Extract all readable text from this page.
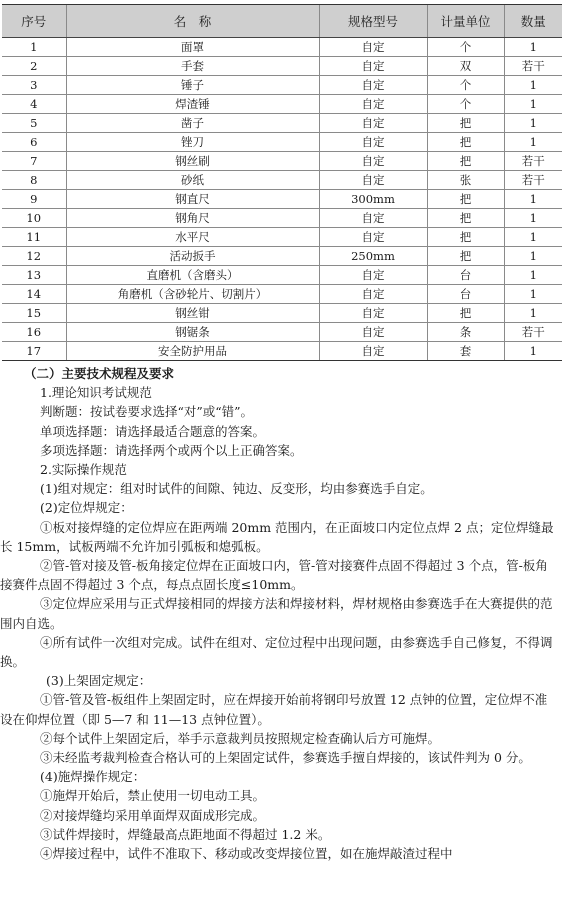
序号	名　称	规格型号	计量单位	数量
1	面罩	自定	个	1
2	手套	自定	双	若干
3	锤子	自定	个	1
4	焊渣锤	自定	个	1
5	凿子	自定	把	1
6	锉刀	自定	把	1
7	钢丝刷	自定	把	若干
8	砂纸	自定	张	若干
9	钢直尺	300mm	把	1
10	钢角尺	自定	把	1
11	水平尺	自定	把	1
12	活动扳手	250mm	把	1
13	直磨机（含磨头）	自定	台	1
14	角磨机（含砂轮片、切割片）	自定	台	1
15	钢丝钳	自定	把	1
16	钢锯条	自定	条	若干
17	安全防护用品	自定	套	1

（二）主要技术规程及要求

1.理论知识考试规范

判断题：按试卷要求选择“对”或“错”。

单项选择题：请选择最适合题意的答案。

多项选择题：请选择两个或两个以上正确答案。

2.实际操作规范

(1)组对规定：组对时试件的间隙、钝边、反变形，均由参赛选手自定。

(2)定位焊规定：

①板对接焊缝的定位焊应在距两端 20mm 范围内，在正面坡口内定位点焊 2 点；定位焊缝最长 15mm，试板两端不允许加引弧板和熄弧板。

②管-管对接及管-板角接定位焊在正面坡口内，管-管对接赛件点固不得超过 3 个点，管-板角接赛件点固不得超过 3 个点，每点点固长度≤10mm。

③定位焊应采用与正式焊接相同的焊接方法和焊接材料，焊材规格由参赛选手在大赛提供的范围内自选。

④所有试件一次组对完成。试件在组对、定位过程中出现问题，由参赛选手自己修复，不得调换。

(3)上架固定规定：

①管-管及管-板组件上架固定时，应在焊接开始前将钢印号放置 12 点钟的位置，定位焊不准设在仰焊位置（即 5—7 和 11—13 点钟位置）。

②每个试件上架固定后，举手示意裁判员按照规定检查确认后方可施焊。

③未经监考裁判检查合格认可的上架固定试件，参赛选手擅自焊接的，该试件判为 0 分。

(4)施焊操作规定：

①施焊开始后，禁止使用一切电动工具。

②对接焊缝均采用单面焊双面成形完成。

③试件焊接时，焊缝最高点距地面不得超过 1.2 米。

④焊接过程中，试件不准取下、移动或改变焊接位置，如在施焊敲渣过程中
